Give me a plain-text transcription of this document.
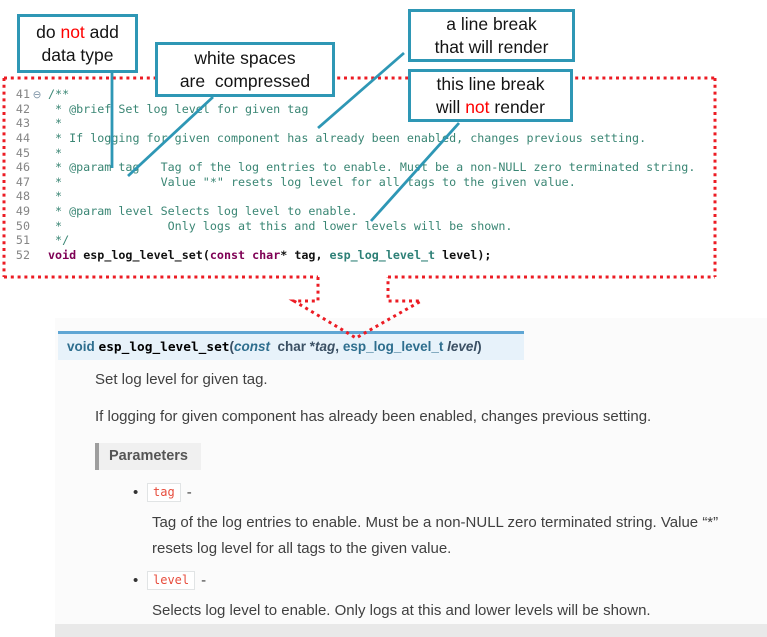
41 ⊖ /**
42 * @brief Set log level for given tag
43 *
44 * If logging for given component has already been enabled, changes previous setting.
45 *
46 * @param tag   Tag of the log entries to enable. Must be a non-NULL zero terminated string.
47 *              Value "*" resets log level for all tags to the given value.
48 *
49 * @param level Selects log level to enable.
50 *               Only logs at this and lower levels will be shown.
51 */
52 void esp_log_level_set(const char* tag, esp_log_level_t level);
do not add
data type	white spaces
are  compressed
a line break
that will render
this line break
will not render
void esp_log_level_set(const  char *tag, esp_log_level_t level)
Set log level for given tag.
If logging for given component has already been enabled, changes previous setting.
Parameters
•	tag -
Tag of the log entries to enable. Must be a non-NULL zero terminated string. Value “*” resets log level for all tags to the given value.
•	level -
Selects log level to enable. Only logs at this and lower levels will be shown.
